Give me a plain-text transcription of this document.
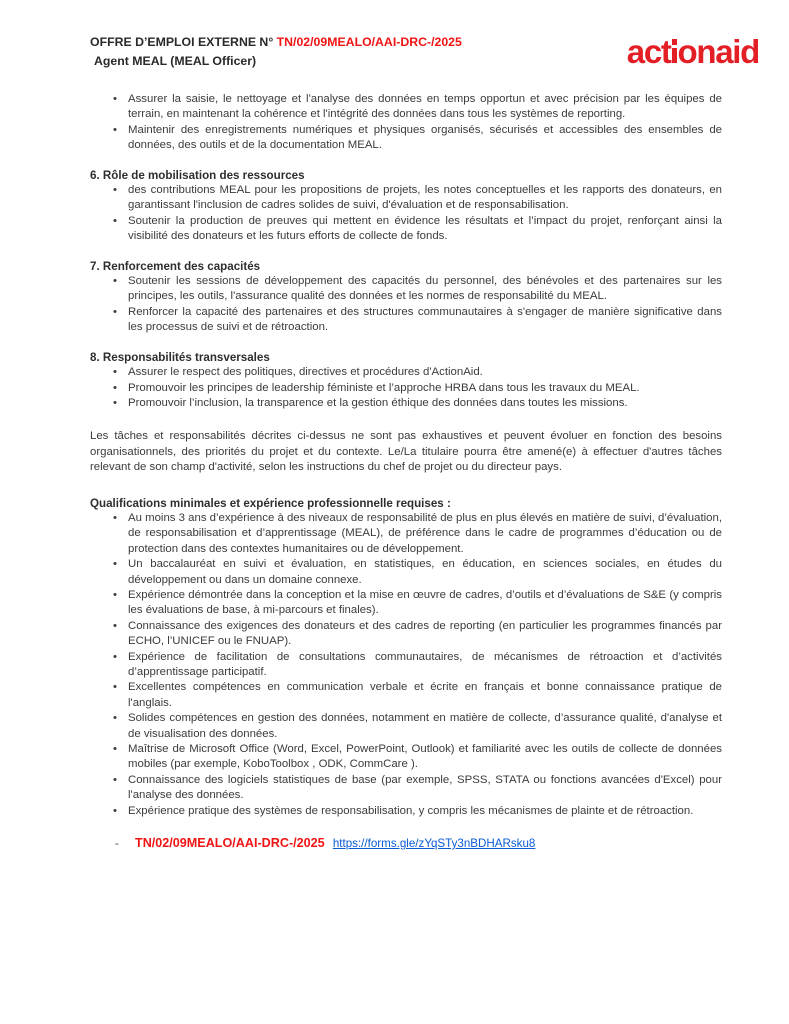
OFFRE D’EMPLOI EXTERNE N° TN/02/09MEALO/AAI-DRC-/2025
Agent MEAL (MEAL Officer)	act onaid
• Assurer la saisie, le nettoyage et l'analyse des données en temps opportun et avec précision par les équipes de terrain, en maintenant la cohérence et l'intégrité des données dans tous les systèmes de reporting.
• Maintenir des enregistrements numériques et physiques organisés, sécurisés et accessibles des ensembles de données, des outils et de la documentation MEAL.
6. Rôle de mobilisation des ressources
• des contributions MEAL pour les propositions de projets, les notes conceptuelles et les rapports des donateurs, en garantissant l'inclusion de cadres solides de suivi, d'évaluation et de responsabilisation.
• Soutenir la production de preuves qui mettent en évidence les résultats et l’impact du projet, renforçant ainsi la visibilité des donateurs et les futurs efforts de collecte de fonds.
7. Renforcement des capacités
• Soutenir les sessions de développement des capacités du personnel, des bénévoles et des partenaires sur les principes, les outils, l'assurance qualité des données et les normes de responsabilité du MEAL.
• Renforcer la capacité des partenaires et des structures communautaires à s'engager de manière significative dans les processus de suivi et de rétroaction.
8. Responsabilités transversales
• Assurer le respect des politiques, directives et procédures d'ActionAid.
• Promouvoir les principes de leadership féministe et l’approche HRBA dans tous les travaux du MEAL.
• Promouvoir l’inclusion, la transparence et la gestion éthique des données dans toutes les missions.

Les tâches et responsabilités décrites ci-dessus ne sont pas exhaustives et peuvent évoluer en fonction des besoins organisationnels, des priorités du projet et du contexte. Le/La titulaire pourra être amené(e) à effectuer d'autres tâches relevant de son champ d'activité, selon les instructions du chef de projet ou du directeur pays.

Qualifications minimales et expérience professionnelle requises :
• Au moins 3 ans d’expérience à des niveaux de responsabilité de plus en plus élevés en matière de suivi, d’évaluation, de responsabilisation et d’apprentissage (MEAL), de préférence dans le cadre de programmes d’éducation ou de protection dans des contextes humanitaires ou de développement.
• Un baccalauréat en suivi et évaluation, en statistiques, en éducation, en sciences sociales, en études du développement ou dans un domaine connexe.
• Expérience démontrée dans la conception et la mise en œuvre de cadres, d’outils et d’évaluations de S&E (y compris les évaluations de base, à mi-parcours et finales).
• Connaissance des exigences des donateurs et des cadres de reporting (en particulier les programmes financés par ECHO, l’UNICEF ou le FNUAP).
• Expérience de facilitation de consultations communautaires, de mécanismes de rétroaction et d’activités d’apprentissage participatif.
• Excellentes compétences en communication verbale et écrite en français et bonne connaissance pratique de l'anglais.
• Solides compétences en gestion des données, notamment en matière de collecte, d’assurance qualité, d'analyse et de visualisation des données.
• Maîtrise de Microsoft Office (Word, Excel, PowerPoint, Outlook) et familiarité avec les outils de collecte de données mobiles (par exemple, KoboToolbox , ODK, CommCare ).
• Connaissance des logiciels statistiques de base (par exemple, SPSS, STATA ou fonctions avancées d'Excel) pour l'analyse des données.
• Expérience pratique des systèmes de responsabilisation, y compris les mécanismes de plainte et de rétroaction.
- TN/02/09MEALO/AAI-DRC-/2025 https://forms.gle/zYqSTy3nBDHARsku8
